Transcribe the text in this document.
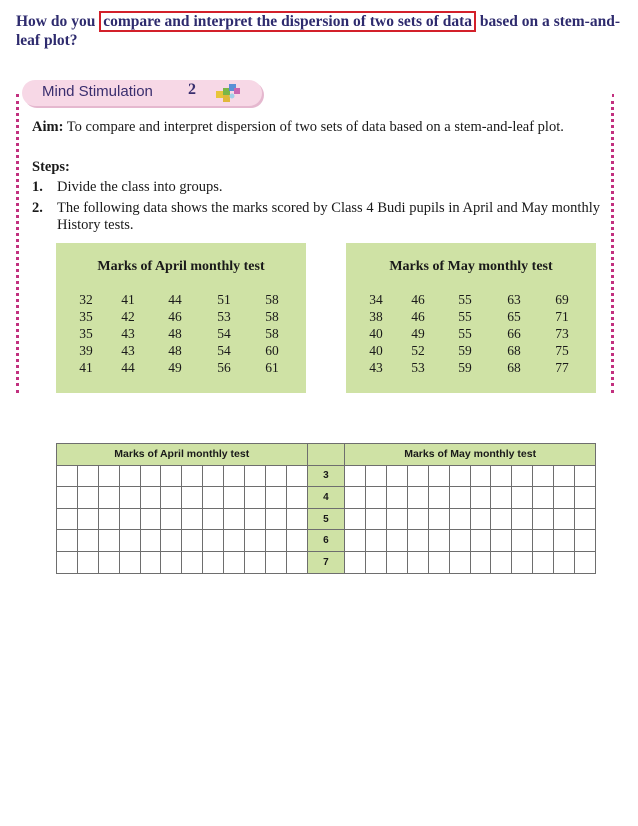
How do you compare and interpret the dispersion of two sets of data based on a stem-and-leaf plot?
Mind Stimulation 2
Aim: To compare and interpret dispersion of two sets of data based on a stem-and-leaf plot.
Steps:
1. Divide the class into groups.
2. The following data shows the marks scored by Class 4 Budi pupils in April and May monthly History tests.
Marks of April monthly test
32	41	44	51	58
35	42	46	53	58
35	43	48	54	58
39	43	48	54	60
41	44	49	56	61
Marks of May monthly test
34	46	55	63	69
38	46	55	65	71
40	49	55	66	73
40	52	59	68	75
43	53	59	68	77
Marks of April monthly test													Marks of May monthly test											
												3												
												4												
												5												
												6												
												7												
